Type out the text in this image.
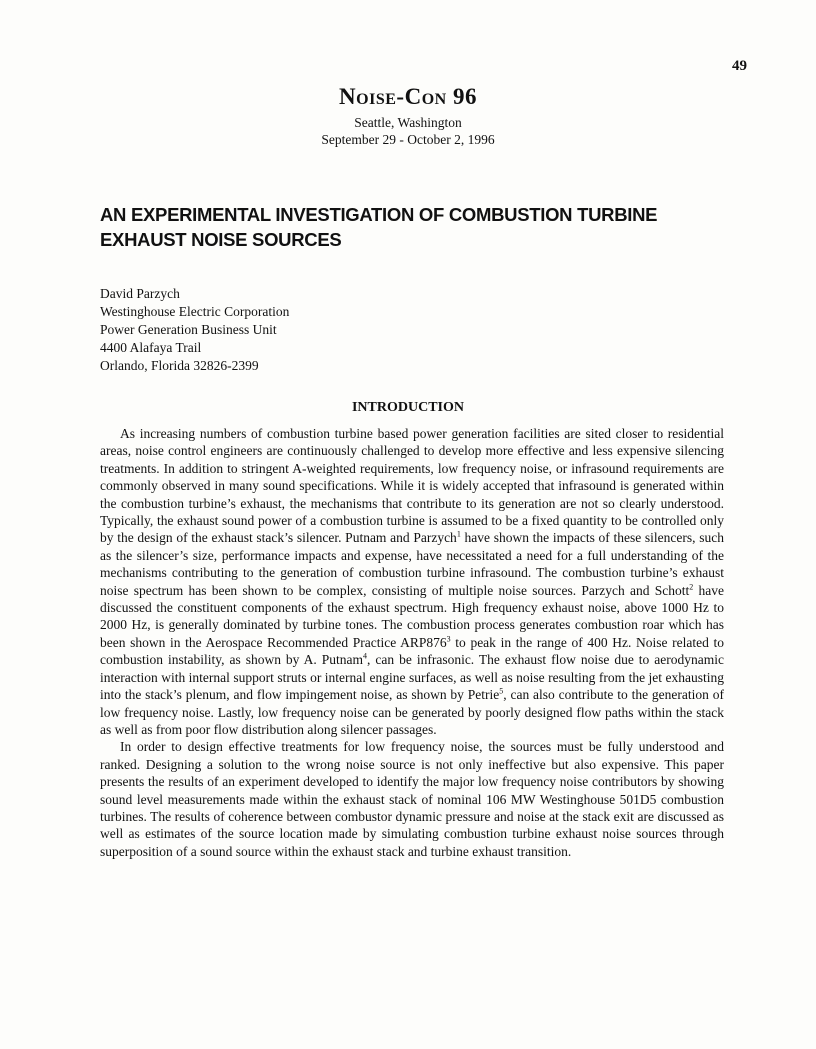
49
Noise-Con 96
Seattle, Washington
September 29 - October 2, 1996
AN EXPERIMENTAL INVESTIGATION OF COMBUSTION TURBINE
EXHAUST NOISE SOURCES
David Parzych
Westinghouse Electric Corporation
Power Generation Business Unit
4400 Alafaya Trail
Orlando, Florida 32826-2399
INTRODUCTION

As increasing numbers of combustion turbine based power generation facilities are sited closer to residential areas, noise control engineers are continuously challenged to develop more effective and less expensive silencing treatments. In addition to stringent A-weighted requirements, low frequency noise, or infrasound requirements are commonly observed in many sound specifications. While it is widely accepted that infrasound is generated within the combustion turbine’s exhaust, the mechanisms that contribute to its generation are not so clearly understood. Typically, the exhaust sound power of a combustion turbine is assumed to be a fixed quantity to be controlled only by the design of the exhaust stack’s silencer. Putnam and Parzych$^1$ have shown the impacts of these silencers, such as the silencer’s size, performance impacts and expense, have necessitated a need for a full understanding of the mechanisms contributing to the generation of combustion turbine infrasound. The combustion turbine’s exhaust noise spectrum has been shown to be complex, consisting of multiple noise sources. Parzych and Schott$^2$ have discussed the constituent components of the exhaust spectrum. High frequency exhaust noise, above 1000 Hz to 2000 Hz, is generally dominated by turbine tones. The combustion process generates combustion roar which has been shown in the Aerospace Recommended Practice $ARP876^3$ to peak in the range of 400 Hz. Noise related to combustion instability, as shown by A. Putnam$^4$, can be infrasonic. The exhaust flow noise due to aerodynamic interaction with internal support struts or internal engine surfaces, as well as noise resulting from the jet exhausting into the stack’s plenum, and flow impingement noise, as shown by Petrie$^5$, can also contribute to the generation of low frequency noise. Lastly, low frequency noise can be generated by poorly designed flow paths within the stack as well as from poor flow distribution along silencer passages.

In order to design effective treatments for low frequency noise, the sources must be fully understood and ranked. Designing a solution to the wrong noise source is not only ineffective but also expensive. This paper presents the results of an experiment developed to identify the major low frequency noise contributors by showing sound level measurements made within the exhaust stack of nominal 106 MW Westinghouse 501D5 combustion turbines. The results of coherence between combustor dynamic pressure and noise at the stack exit are discussed as well as estimates of the source location made by simulating combustion turbine exhaust noise sources through superposition of a sound source within the exhaust stack and turbine exhaust transition.
